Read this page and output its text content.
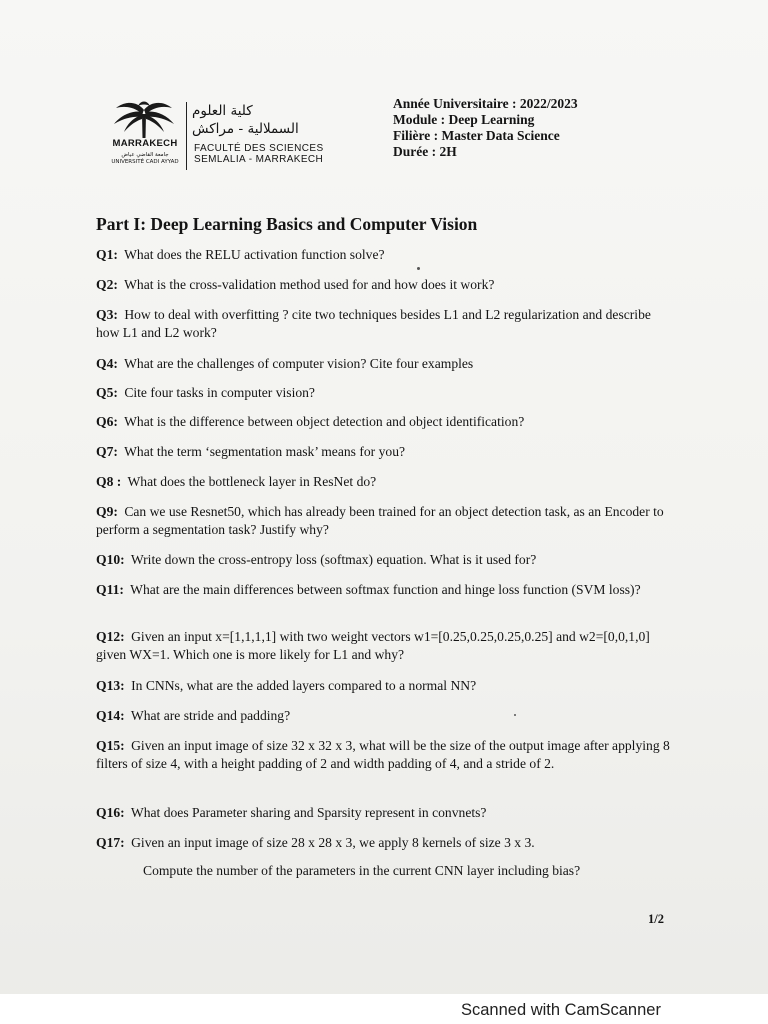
MARRAKECH
جامعة القاضي عياض
UNIVERSITÉ CADI AYYAD
كلية العلوم
السملالية - مراكش
FACULTÉ DES SCIENCES
SEMLALIA - MARRAKECH
Année Universitaire : 2022/2023
Module : Deep Learning
Filière : Master Data Science
Durée : 2H
Part I: Deep Learning Basics and Computer Vision
Q1: What does the RELU activation function solve?
Q2: What is the cross-validation method used for and how does it work?
Q3: How to deal with overfitting ? cite two techniques besides L1 and L2 regularization and describe how L1 and L2 work?
Q4: What are the challenges of computer vision? Cite four examples
Q5: Cite four tasks in computer vision?
Q6: What is the difference between object detection and object identification?
Q7: What the term ‘segmentation mask’ means for you?
Q8 : What does the bottleneck layer in ResNet do?
Q9: Can we use Resnet50, which has already been trained for an object detection task, as an Encoder to perform a segmentation task? Justify why?
Q10: Write down the cross-entropy loss (softmax) equation. What is it used for?
Q11: What are the main differences between softmax function and hinge loss function (SVM loss)?
Q12: Given an input x=[1,1,1,1] with two weight vectors w1=[0.25,0.25,0.25,0.25] and w2=[0,0,1,0] given WX=1. Which one is more likely for L1 and why?
Q13: In CNNs, what are the added layers compared to a normal NN?
Q14: What are stride and padding?
Q15: Given an input image of size 32 x 32 x 3, what will be the size of the output image after applying 8 filters of size 4, with a height padding of 2 and width padding of 4, and a stride of 2.
Q16: What does Parameter sharing and Sparsity represent in convnets?
Q17: Given an input image of size 28 x 28 x 3, we apply 8 kernels of size 3 x 3.
Compute the number of the parameters in the current CNN layer including bias?
1/2
Scanned with CamScanner
